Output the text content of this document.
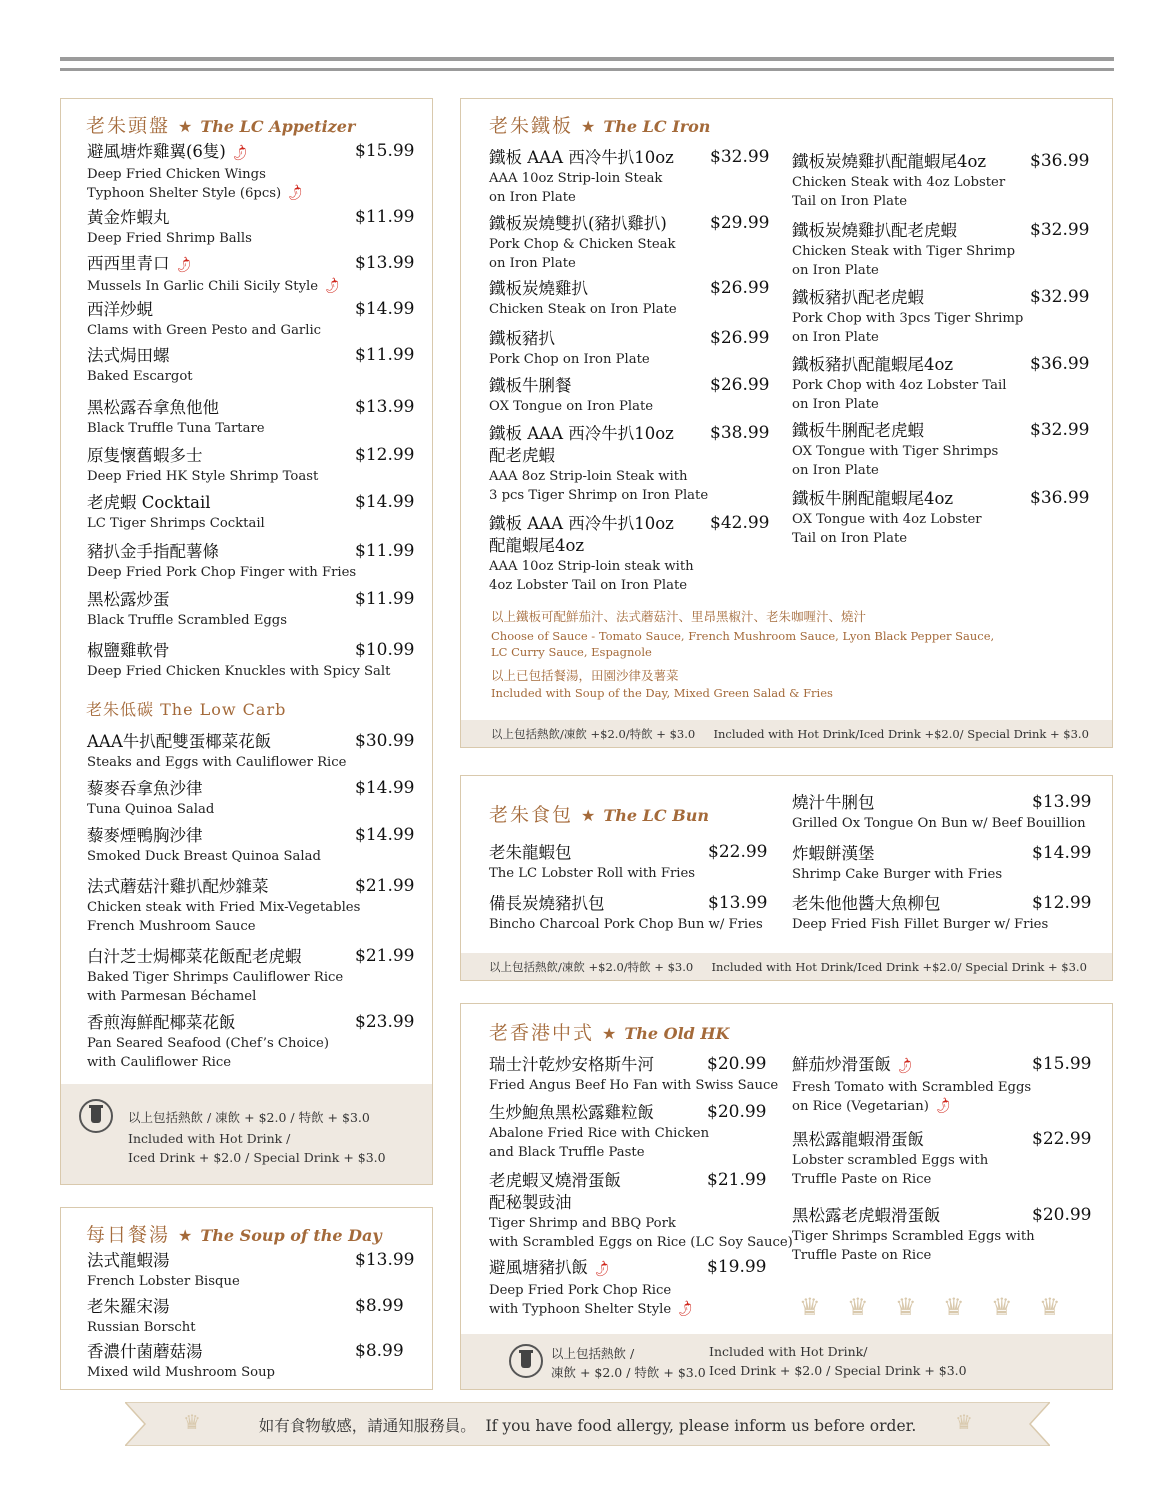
老朱頭盤 ★ The LC Appetizer
避風塘炸雞翼(6隻) 🌶
Deep Fried Chicken Wings
Typhoon Shelter Style (6pcs) 🌶
$15.99
黃金炸蝦丸
Deep Fried Shrimp Balls
$11.99
西西里青口 🌶
Mussels In Garlic Chili Sicily Style 🌶
$13.99
西洋炒蜆
Clams with Green Pesto and Garlic
$14.99
法式焗田螺
Baked Escargot
$11.99
黑松露吞拿魚他他
Black Truffle Tuna Tartare
$13.99
原隻懷舊蝦多士
Deep Fried HK Style Shrimp Toast
$12.99
老虎蝦 Cocktail
LC Tiger Shrimps Cocktail
$14.99
豬扒金手指配薯條
Deep Fried Pork Chop Finger with Fries
$11.99
黑松露炒蛋
Black Truffle Scrambled Eggs
$11.99
椒鹽雞軟骨
Deep Fried Chicken Knuckles with Spicy Salt
$10.99
老朱低碳 The Low Carb
AAA牛扒配雙蛋椰菜花飯
Steaks and Eggs with Cauliflower Rice
$30.99
藜麥吞拿魚沙律
Tuna Quinoa Salad
$14.99
藜麥煙鴨胸沙律
Smoked Duck Breast Quinoa Salad
$14.99
法式蘑菇汁雞扒配炒雜菜
Chicken steak with Fried Mix-Vegetables
French Mushroom Sauce
$21.99
白汁芝士焗椰菜花飯配老虎蝦
Baked Tiger Shrimps Cauliflower Rice
with Parmesan Béchamel
$21.99
香煎海鮮配椰菜花飯
Pan Seared Seafood (Chef’s Choice)
with Cauliflower Rice
$23.99
以上包括熱飲 / 凍飲 + $2.0 / 特飲 + $3.0
Included with Hot Drink /
Iced Drink + $2.0 / Special Drink + $3.0
每日餐湯 ★ The Soup of the Day
法式龍蝦湯
French Lobster Bisque
$13.99
老朱羅宋湯
Russian Borscht
$8.99
香濃什菌蘑菇湯
Mixed wild Mushroom Soup
$8.99
老朱鐵板 ★ The LC Iron
鐵板 AAA 西冷牛扒10oz
AAA 10oz Strip-loin Steak
on Iron Plate
$32.99
鐵板炭燒雙扒(豬扒雞扒)
Pork Chop & Chicken Steak
on Iron Plate
$29.99
鐵板炭燒雞扒
Chicken Steak on Iron Plate
$26.99
鐵板豬扒
Pork Chop on Iron Plate
$26.99
鐵板牛脷餐
OX Tongue on Iron Plate
$26.99
鐵板 AAA 西冷牛扒10oz
配老虎蝦
AAA 8oz Strip-loin Steak with
3 pcs Tiger Shrimp on Iron Plate
$38.99
鐵板 AAA 西冷牛扒10oz
配龍蝦尾4oz
AAA 10oz Strip-loin steak with
4oz Lobster Tail on Iron Plate
$42.99
鐵板炭燒雞扒配龍蝦尾4oz
Chicken Steak with 4oz Lobster
Tail on Iron Plate
$36.99
鐵板炭燒雞扒配老虎蝦
Chicken Steak with Tiger Shrimp
on Iron Plate
$32.99
鐵板豬扒配老虎蝦
Pork Chop with 3pcs Tiger Shrimp
on Iron Plate
$32.99
鐵板豬扒配龍蝦尾4oz
Pork Chop with 4oz Lobster Tail
on Iron Plate
$36.99
鐵板牛脷配老虎蝦
OX Tongue with Tiger Shrimps
on Iron Plate
$32.99
鐵板牛脷配龍蝦尾4oz
OX Tongue with 4oz Lobster
Tail on Iron Plate
$36.99
以上鐵板可配鮮茄汁、法式蘑菇汁、里昂黑椒汁、老朱咖喱汁、燒汁
Choose of Sauce - Tomato Sauce, French Mushroom Sauce, Lyon Black Pepper Sauce,
LC Curry Sauce, Espagnole
以上已包括餐湯，田園沙律及薯菜
Included with Soup of the Day, Mixed Green Salad & Fries
以上包括熱飲/凍飲 +$2.0/特飲 + $3.0     Included with Hot Drink/Iced Drink +$2.0/ Special Drink + $3.0
老朱食包 ★ The LC Bun
老朱龍蝦包
The LC Lobster Roll with Fries
$22.99
備長炭燒豬扒包
Bincho Charcoal Pork Chop Bun w/ Fries
$13.99
燒汁牛脷包
Grilled Ox Tongue On Bun w/ Beef Bouillion
$13.99
炸蝦餅漢堡
Shrimp Cake Burger with Fries
$14.99
老朱他他醬大魚柳包
Deep Fried Fish Fillet Burger w/ Fries
$12.99
以上包括熱飲/凍飲 +$2.0/特飲 + $3.0     Included with Hot Drink/Iced Drink +$2.0/ Special Drink + $3.0
老香港中式 ★ The Old HK
瑞士汁乾炒安格斯牛河
Fried Angus Beef Ho Fan with Swiss Sauce
$20.99
生炒鮑魚黑松露雞粒飯
Abalone Fried Rice with Chicken
and Black Truffle Paste
$20.99
老虎蝦叉燒滑蛋飯
配秘製豉油
Tiger Shrimp and BBQ Pork
with Scrambled Eggs on Rice (LC Soy Sauce)
$21.99
避風塘豬扒飯 🌶
Deep Fried Pork Chop Rice
with Typhoon Shelter Style 🌶
$19.99
鮮茄炒滑蛋飯 🌶
Fresh Tomato with Scrambled Eggs
on Rice (Vegetarian) 🌶
$15.99
黑松露龍蝦滑蛋飯
Lobster scrambled Eggs with
Truffle Paste on Rice
$22.99
黑松露老虎蝦滑蛋飯
Tiger Shrimps Scrambled Eggs with
Truffle Paste on Rice
$20.99
♛ ♛ ♛ ♛ ♛ ♛
以上包括熱飲 /
凍飲 + $2.0 / 特飲 + $3.0
Included with Hot Drink/
Iced Drink + $2.0 / Special Drink + $3.0
♛	♛
如有食物敏感，請通知服務員。  If you have food allergy, please inform us before order.
